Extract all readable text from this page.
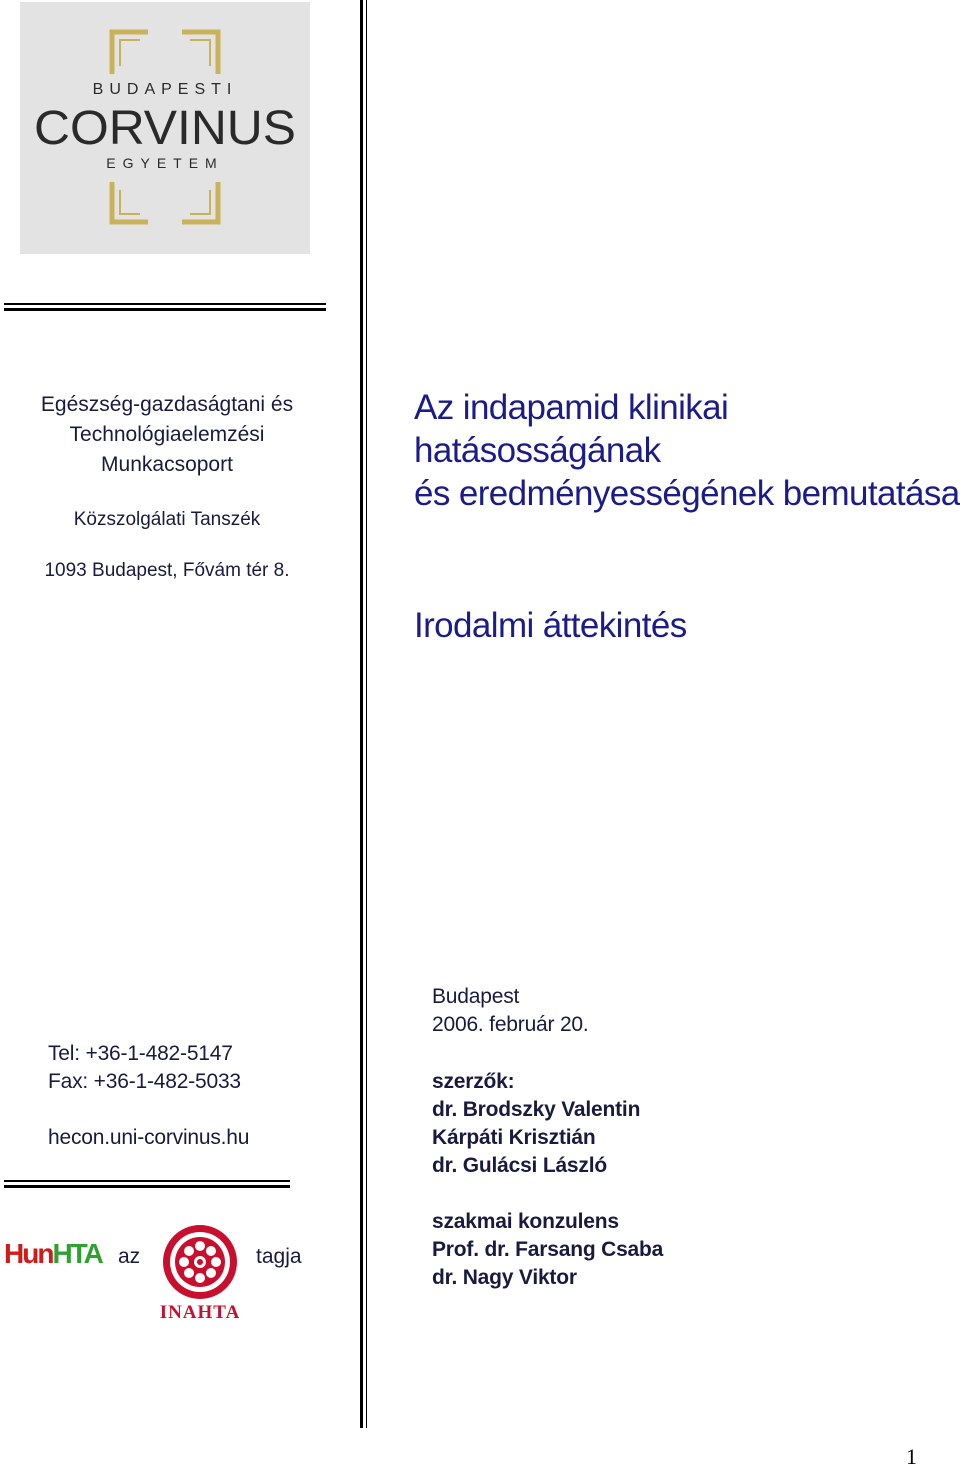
BUDAPESTI
CORVINUS
EGYETEM
Egészség-gazdaságtani és
Technológiaelemzési
Munkacsoport
Közszolgálati Tanszék
1093 Budapest, Fővám tér 8.
Az indapamid klinikai hatásosságának
és eredményességének bemutatása
Irodalmi áttekintés
Tel: +36-1-482-5147
Fax: +36-1-482-5033
hecon.uni-corvinus.hu
HunHTA az
INAHTA
tagja
Budapest
2006. február 20.
szerzők:
dr. Brodszky Valentin
Kárpáti Krisztián
dr. Gulácsi László
szakmai konzulens
Prof. dr. Farsang Csaba
dr. Nagy Viktor
1
